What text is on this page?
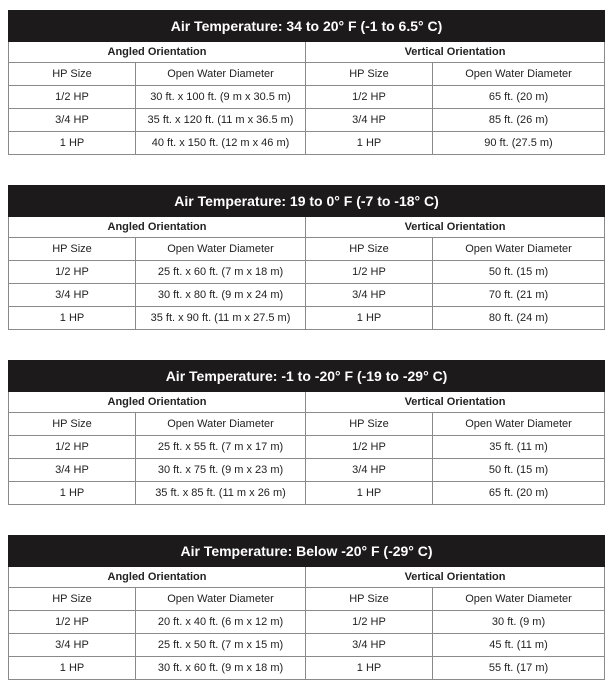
Air Temperature: 34 to 20° F (-1 to 6.5° C)			
Angled Orientation		Vertical Orientation	
HP Size	Open Water Diameter	HP Size	Open Water Diameter
1/2 HP	30 ft. x 100 ft. (9 m x 30.5 m)	1/2 HP	65 ft. (20 m)
3/4 HP	35 ft. x 120 ft. (11 m x 36.5 m)	3/4 HP	85 ft. (26 m)
1 HP	40 ft. x 150 ft. (12 m x 46 m)	1 HP	90 ft. (27.5 m)
Air Temperature: 19 to 0° F (-7 to -18° C)			
Angled Orientation		Vertical Orientation	
HP Size	Open Water Diameter	HP Size	Open Water Diameter
1/2 HP	25 ft. x 60 ft. (7 m x 18 m)	1/2 HP	50 ft. (15 m)
3/4 HP	30 ft. x 80 ft. (9 m x 24 m)	3/4 HP	70 ft. (21 m)
1 HP	35 ft. x 90 ft. (11 m x 27.5 m)	1 HP	80 ft. (24 m)
Air Temperature: -1 to -20° F (-19 to -29° C)			
Angled Orientation		Vertical Orientation	
HP Size	Open Water Diameter	HP Size	Open Water Diameter
1/2 HP	25 ft. x 55 ft. (7 m x 17 m)	1/2 HP	35 ft. (11 m)
3/4 HP	30 ft. x 75 ft. (9 m x 23 m)	3/4 HP	50 ft. (15 m)
1 HP	35 ft. x 85 ft. (11 m x 26 m)	1 HP	65 ft. (20 m)
Air Temperature: Below -20° F (-29° C)			
Angled Orientation		Vertical Orientation	
HP Size	Open Water Diameter	HP Size	Open Water Diameter
1/2 HP	20 ft. x 40 ft. (6 m x 12 m)	1/2 HP	30 ft. (9 m)
3/4 HP	25 ft. x 50 ft. (7 m x 15 m)	3/4 HP	45 ft. (11 m)
1 HP	30 ft. x 60 ft. (9 m x 18 m)	1 HP	55 ft. (17 m)
